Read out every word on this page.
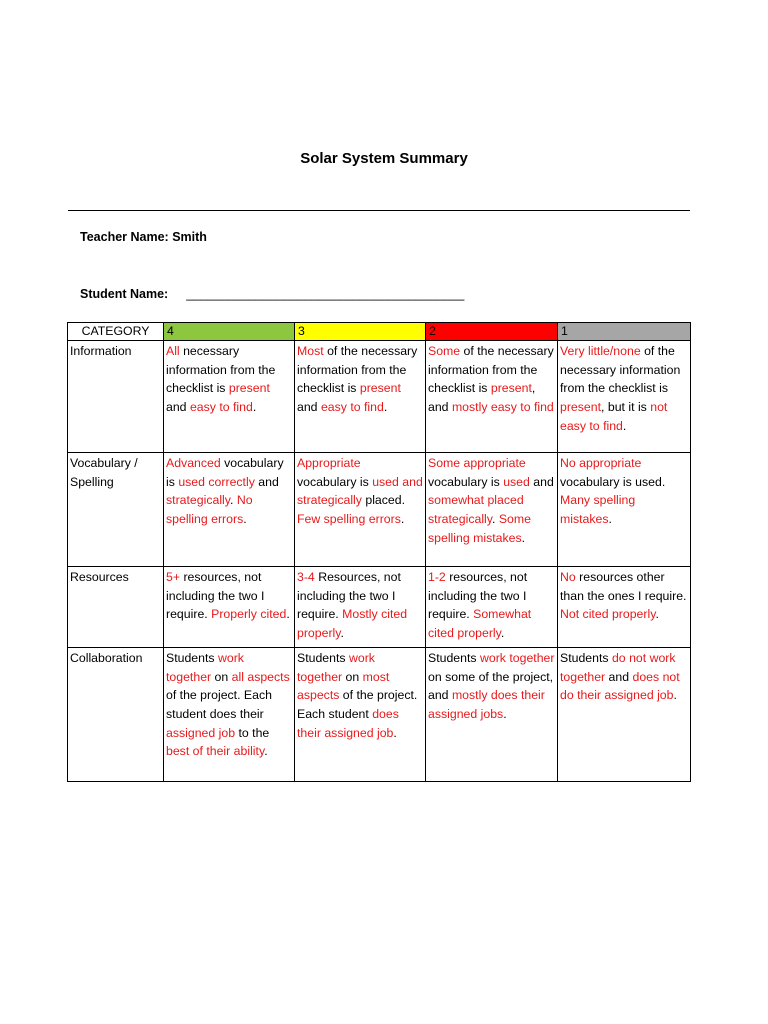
Solar System Summary
Teacher Name: Smith
Student Name: ________________________________________
CATEGORY	4	3	2	1
Information	All necessary information from the checklist is present and easy to find.	Most of the necessary information from the checklist is present and easy to find.	Some of the necessary information from the checklist is present, and mostly easy to find	Very little/none of the necessary information from the checklist is present, but it is not easy to find.
Vocabulary / Spelling	Advanced vocabulary is used correctly and strategically. No spelling errors.	Appropriate vocabulary is used and strategically placed. Few spelling errors.	Some appropriate vocabulary is used and somewhat placed strategically. Some spelling mistakes.	No appropriate vocabulary is used. Many spelling mistakes.
Resources	5+ resources, not including the two I require. Properly cited.	3-4 Resources, not including the two I require. Mostly cited properly.	1-2 resources, not including the two I require. Somewhat cited properly.	No resources other than the ones I require. Not cited properly.
Collaboration	Students work together on all aspects of the project. Each student does their assigned job to the best of their ability.	Students work together on most aspects of the project. Each student does their assigned job.	Students work together on some of the project, and mostly does their assigned jobs.	Students do not work together and does not do their assigned job.
